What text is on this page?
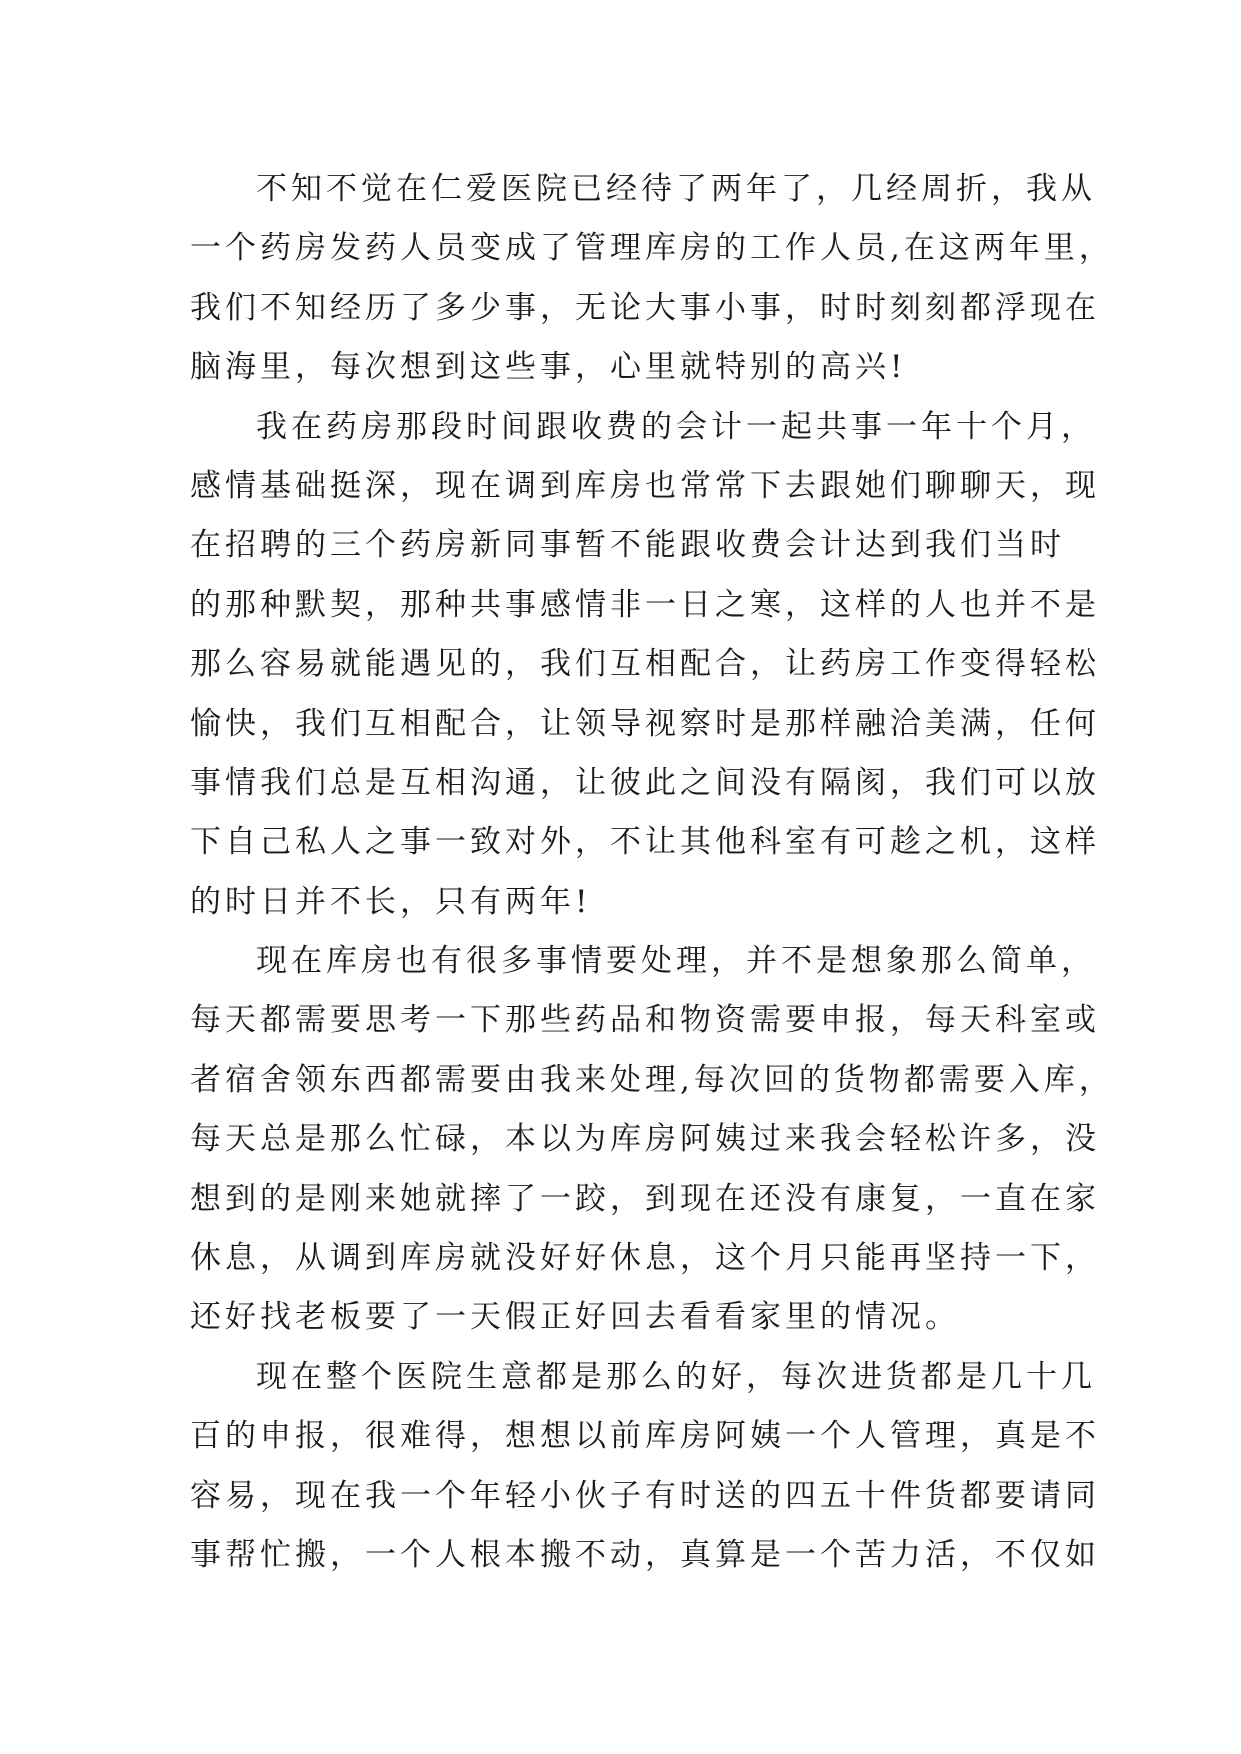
不知不觉在仁爱医院已经待了两年了，几经周折，我从
一个药房发药人员变成了管理库房的工作人员,在这两年里，
我们不知经历了多少事，无论大事小事，时时刻刻都浮现在
脑海里，每次想到这些事，心里就特别的高兴!
我在药房那段时间跟收费的会计一起共事一年十个月，
感情基础挺深，现在调到库房也常常下去跟她们聊聊天，现
在招聘的三个药房新同事暂不能跟收费会计达到我们当时
的那种默契，那种共事感情非一日之寒，这样的人也并不是
那么容易就能遇见的，我们互相配合，让药房工作变得轻松
愉快，我们互相配合，让领导视察时是那样融洽美满，任何
事情我们总是互相沟通，让彼此之间没有隔阂，我们可以放
下自己私人之事一致对外，不让其他科室有可趁之机，这样
的时日并不长，只有两年!
现在库房也有很多事情要处理，并不是想象那么简单，
每天都需要思考一下那些药品和物资需要申报，每天科室或
者宿舍领东西都需要由我来处理,每次回的货物都需要入库，
每天总是那么忙碌，本以为库房阿姨过来我会轻松许多，没
想到的是刚来她就摔了一跤，到现在还没有康复，一直在家
休息，从调到库房就没好好休息，这个月只能再坚持一下，
还好找老板要了一天假正好回去看看家里的情况。
现在整个医院生意都是那么的好，每次进货都是几十几
百的申报，很难得，想想以前库房阿姨一个人管理，真是不
容易，现在我一个年轻小伙子有时送的四五十件货都要请同
事帮忙搬，一个人根本搬不动，真算是一个苦力活，不仅如
